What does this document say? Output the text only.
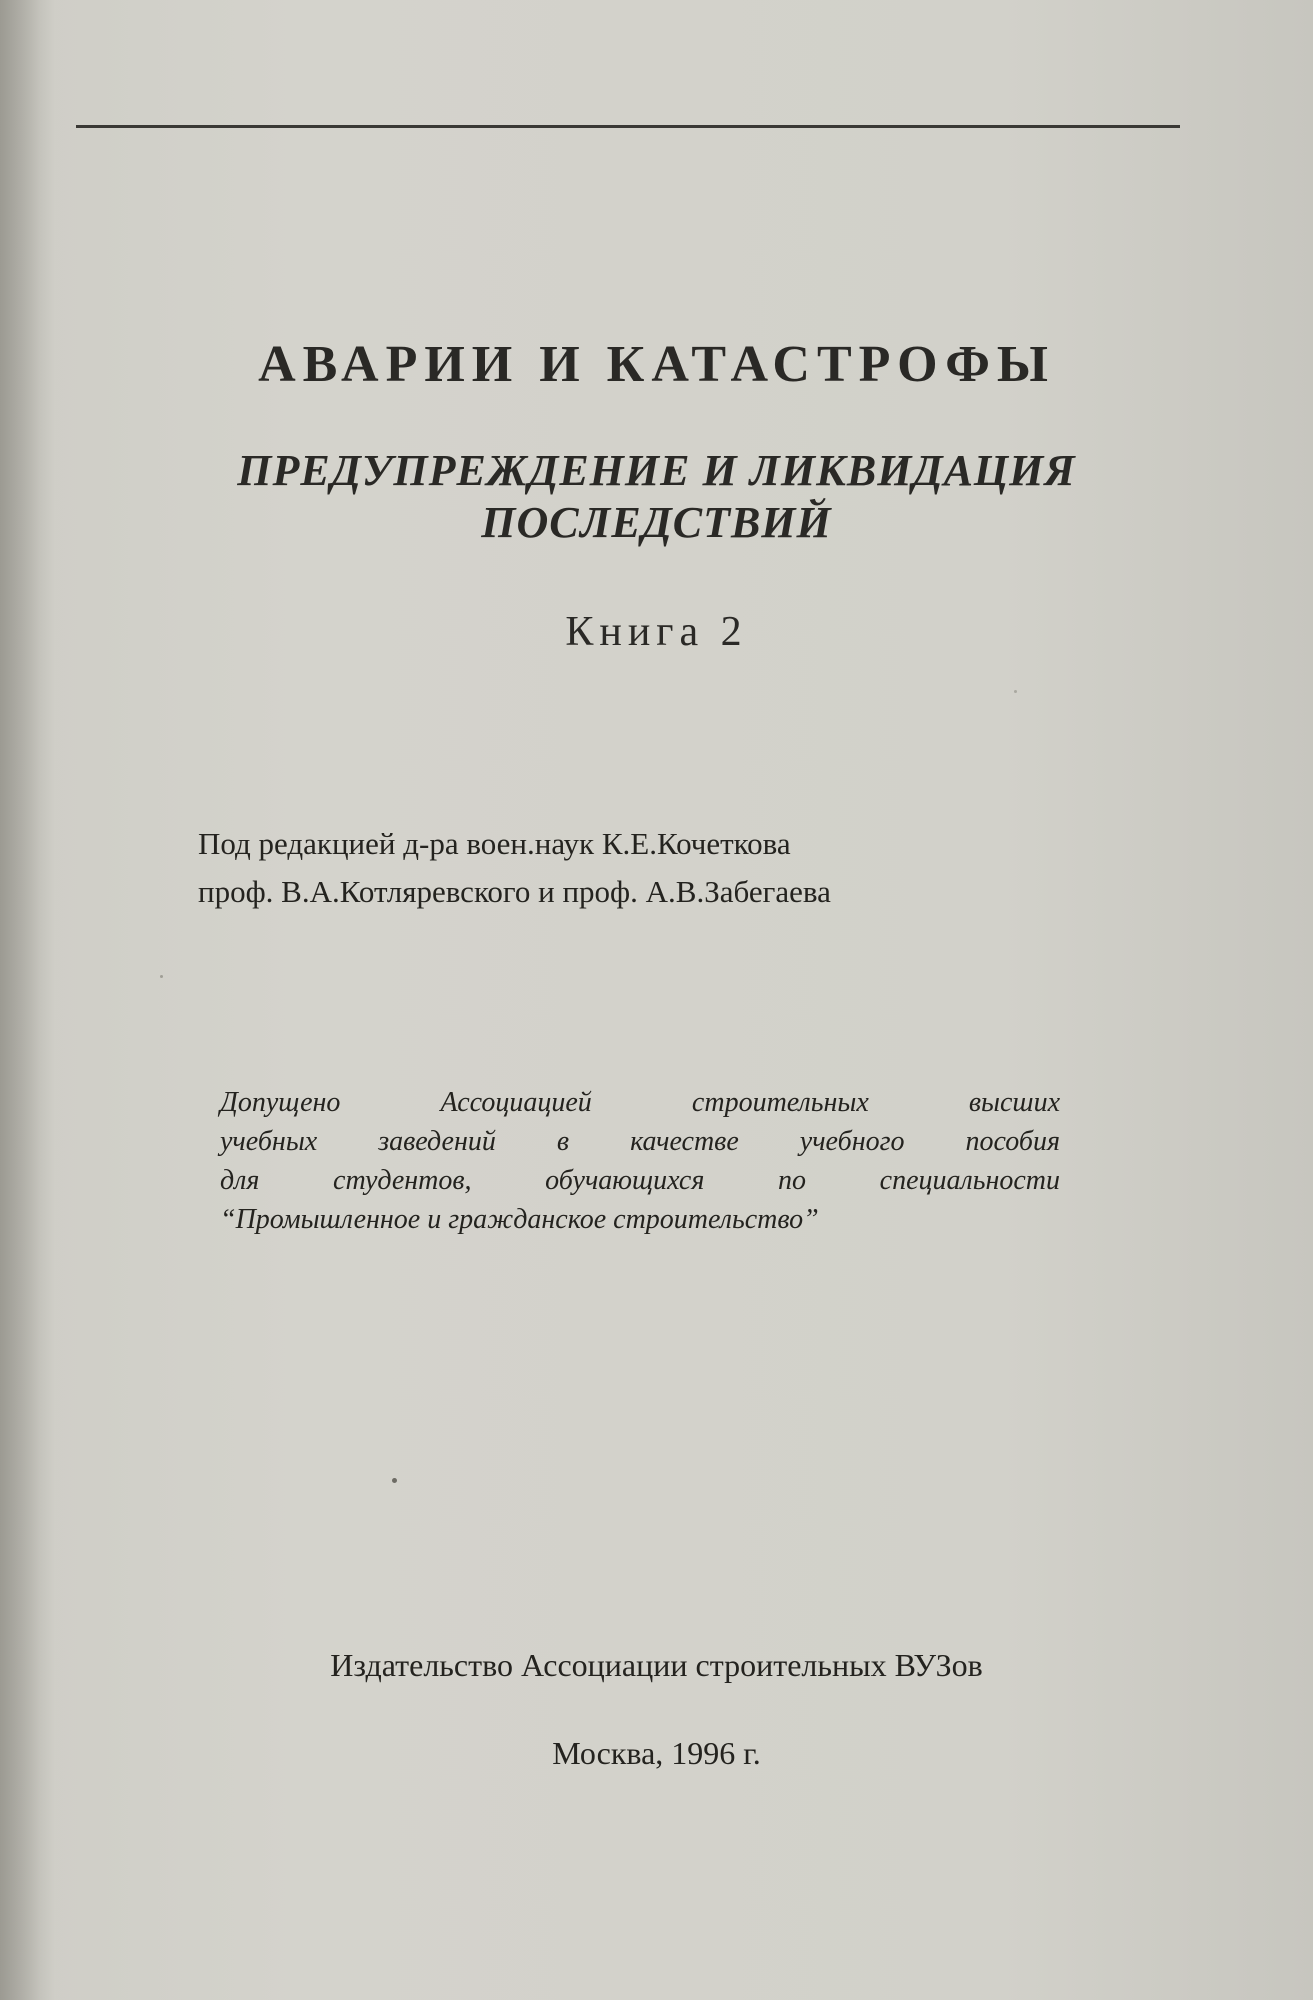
АВАРИИ И КАТАСТРОФЫ
ПРЕДУПРЕЖДЕНИЕ И ЛИКВИДАЦИЯ
ПОСЛЕДСТВИЙ

Книга 2

Под редакцией д-ра воен.наук К.Е.Кочеткова
проф. В.А.Котляревского и проф. А.В.Забегаева
Допущено Ассоциацией строительных высших
учебных заведений в качестве учебного пособия
для студентов, обучающихся по специальности
“Промышленное и гражданское строительство”
Издательство Ассоциации строительных ВУЗов
Москва, 1996 г.
